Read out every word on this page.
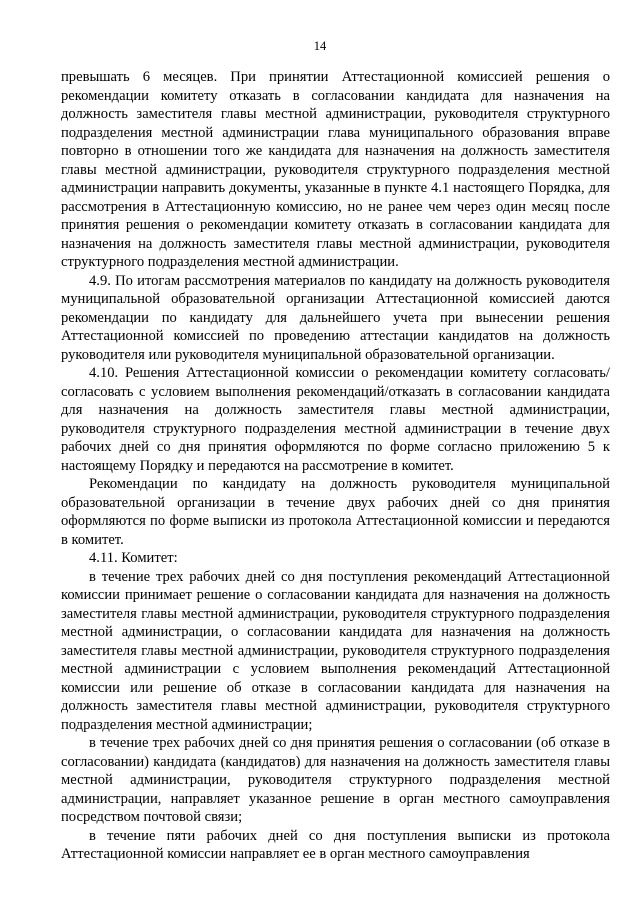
14

превышать 6 месяцев. При принятии Аттестационной комиссией решения о рекомендации комитету отказать в согласовании кандидата для назначения на должность заместителя главы местной администрации, руководителя структурного подразделения местной администрации глава муниципального образования вправе повторно в отношении того же кандидата для назначения на должность заместителя главы местной администрации, руководителя структурного подразделения местной администрации направить документы, указанные в пункте 4.1 настоящего Порядка, для рассмотрения в Аттестационную комиссию, но не ранее чем через один месяц после принятия решения о рекомендации комитету отказать в согласовании кандидата для назначения на должность заместителя главы местной администрации, руководителя структурного подразделения местной администрации.

4.9. По итогам рассмотрения материалов по кандидату на должность руководителя муниципальной образовательной организации Аттестационной комиссией даются рекомендации по кандидату для дальнейшего учета при вынесении решения Аттестационной комиссией по проведению аттестации кандидатов на должность руководителя или руководителя муниципальной образовательной организации.

4.10. Решения Аттестационной комиссии о рекомендации комитету согласовать/согласовать с условием выполнения рекомендаций/отказать в согласовании кандидата для назначения на должность заместителя главы местной администрации, руководителя структурного подразделения местной администрации в течение двух рабочих дней со дня принятия оформляются по форме согласно приложению 5 к настоящему Порядку и передаются на рассмотрение в комитет.

Рекомендации по кандидату на должность руководителя муниципальной образовательной организации в течение двух рабочих дней со дня принятия оформляются по форме выписки из протокола Аттестационной комиссии и передаются в комитет.

4.11. Комитет:

в течение трех рабочих дней со дня поступления рекомендаций Аттестационной комиссии принимает решение о согласовании кандидата для назначения на должность заместителя главы местной администрации, руководителя структурного подразделения местной администрации, о согласовании кандидата для назначения на должность заместителя главы местной администрации, руководителя структурного подразделения местной администрации с условием выполнения рекомендаций Аттестационной комиссии или решение об отказе в согласовании кандидата для назначения на должность заместителя главы местной администрации, руководителя структурного подразделения местной администрации;

в течение трех рабочих дней со дня принятия решения о согласовании (об отказе в согласовании) кандидата (кандидатов) для назначения на должность заместителя главы местной администрации, руководителя структурного подразделения местной администрации, направляет указанное решение в орган местного самоуправления посредством почтовой связи;

в течение пяти рабочих дней со дня поступления выписки из протокола Аттестационной комиссии направляет ее в орган местного самоуправления
